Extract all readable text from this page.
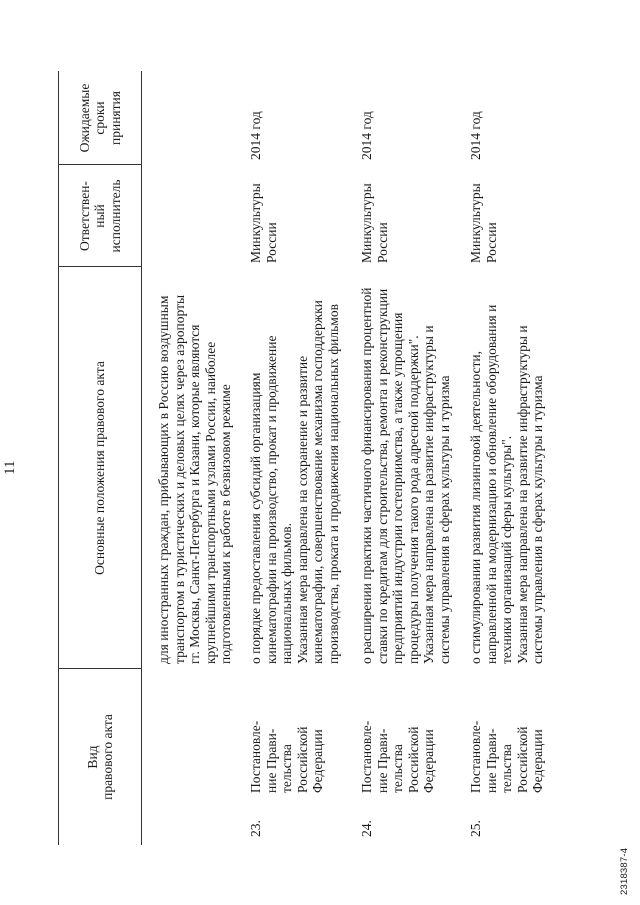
11
2318387-4
Вид правового акта
Основные положения правового акта
Ответствен- ный исполнитель
Ожидаемые сроки принятия
для иностранных граждан, прибывающих в Россию воздушным транспортом в туристических и деловых целях через аэропорты гг. Москвы, Санкт-Петербурга и Казани, которые являются крупнейшими транспортными узлами России, наиболее подготовленными к работе в безвизовом режиме
23.
Постановле- ние Прави- тельства Российской Федерации
о порядке предоставления субсидий организациям кинематографии на производство, прокат и продвижение национальных фильмов. Указанная мера направлена на сохранение и развитие кинематографии, совершенствование механизма господдержки производства, проката и продвижения национальных фильмов
Минкультуры России
2014 год
24.
Постановле- ние Прави- тельства Российской Федерации
о расширении практики частичного финансирования процентной ставки по кредитам для строительства, ремонта и реконструкции предприятий индустрии гостеприимства, а также упрощения процедуры получения такого рода адресной поддержки". Указанная мера направлена на развитие инфраструктуры и системы управления в сферах культуры и туризма
Минкультуры России
2014 год
25.
Постановле- ние Прави- тельства Российской Федерации
о стимулировании развития лизинговой деятельности, направленной на модернизацию и обновление оборудования и техники организаций сферы культуры". Указанная мера направлена на развитие инфраструктуры и системы управления в сферах культуры и туризма
Минкультуры России
2014 год
